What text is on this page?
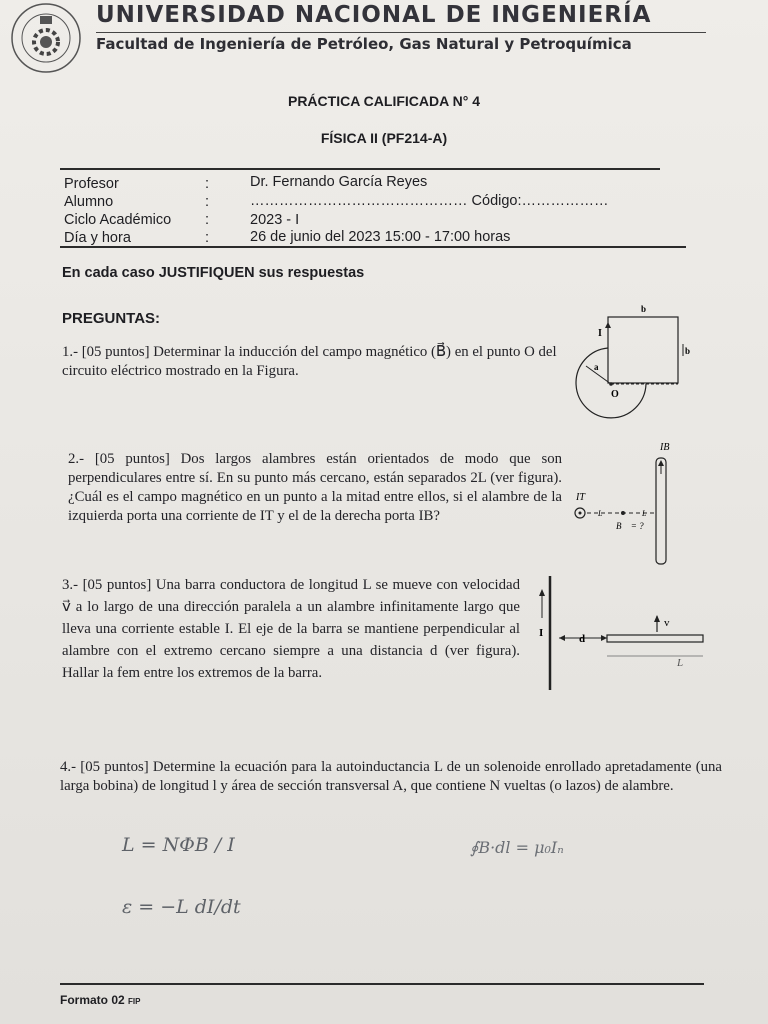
UNIVERSIDAD NACIONAL DE INGENIERÍA
Facultad de Ingeniería de Petróleo, Gas Natural y Petroquímica
PRÁCTICA CALIFICADA N° 4
FÍSICA II (PF214-A)
Profesor	:	Dr. Fernando García Reyes
Alumno	:	……………………………………… Código:………………
Ciclo Académico :	2023 - I
Día y hora	:	26 de junio del 2023 15:00 - 17:00 horas
En cada caso JUSTIFIQUEN sus respuestas
PREGUNTAS:
1.- [05 puntos] Determinar la inducción del campo magnético (B⃗) en el punto O del circuito eléctrico mostrado en la Figura.
b
b
I
a
O
2.- [05 puntos] Dos largos alambres están orientados de modo que son perpendiculares entre sí. En su punto más cercano, están separados 2L (ver figura). ¿Cuál es el campo magnético en un punto a la mitad entre ellos, si el alambre de la izquierda porta una corriente de IT y el de la derecha porta IB?
IB
IT
L	L
B⃗ = ?
3.- [05 puntos] Una barra conductora de longitud L se mueve con velocidad v⃗ a lo largo de una dirección paralela a un alambre infinitamente largo que lleva una corriente estable I. El eje de la barra se mantiene perpendicular al alambre con el extremo cercano siempre a una distancia d (ver figura). Hallar la fem entre los extremos de la barra.
I	d
v
L
4.- [05 puntos] Determine la ecuación para la autoinductancia L de un solenoide enrollado apretadamente (una larga bobina) de longitud l y área de sección transversal A, que contiene N vueltas (o lazos) de alambre.
L = NΦB / I
ε = −L dI/dt
∮B·dl = μ₀Iₙ
Formato 02 FIP
